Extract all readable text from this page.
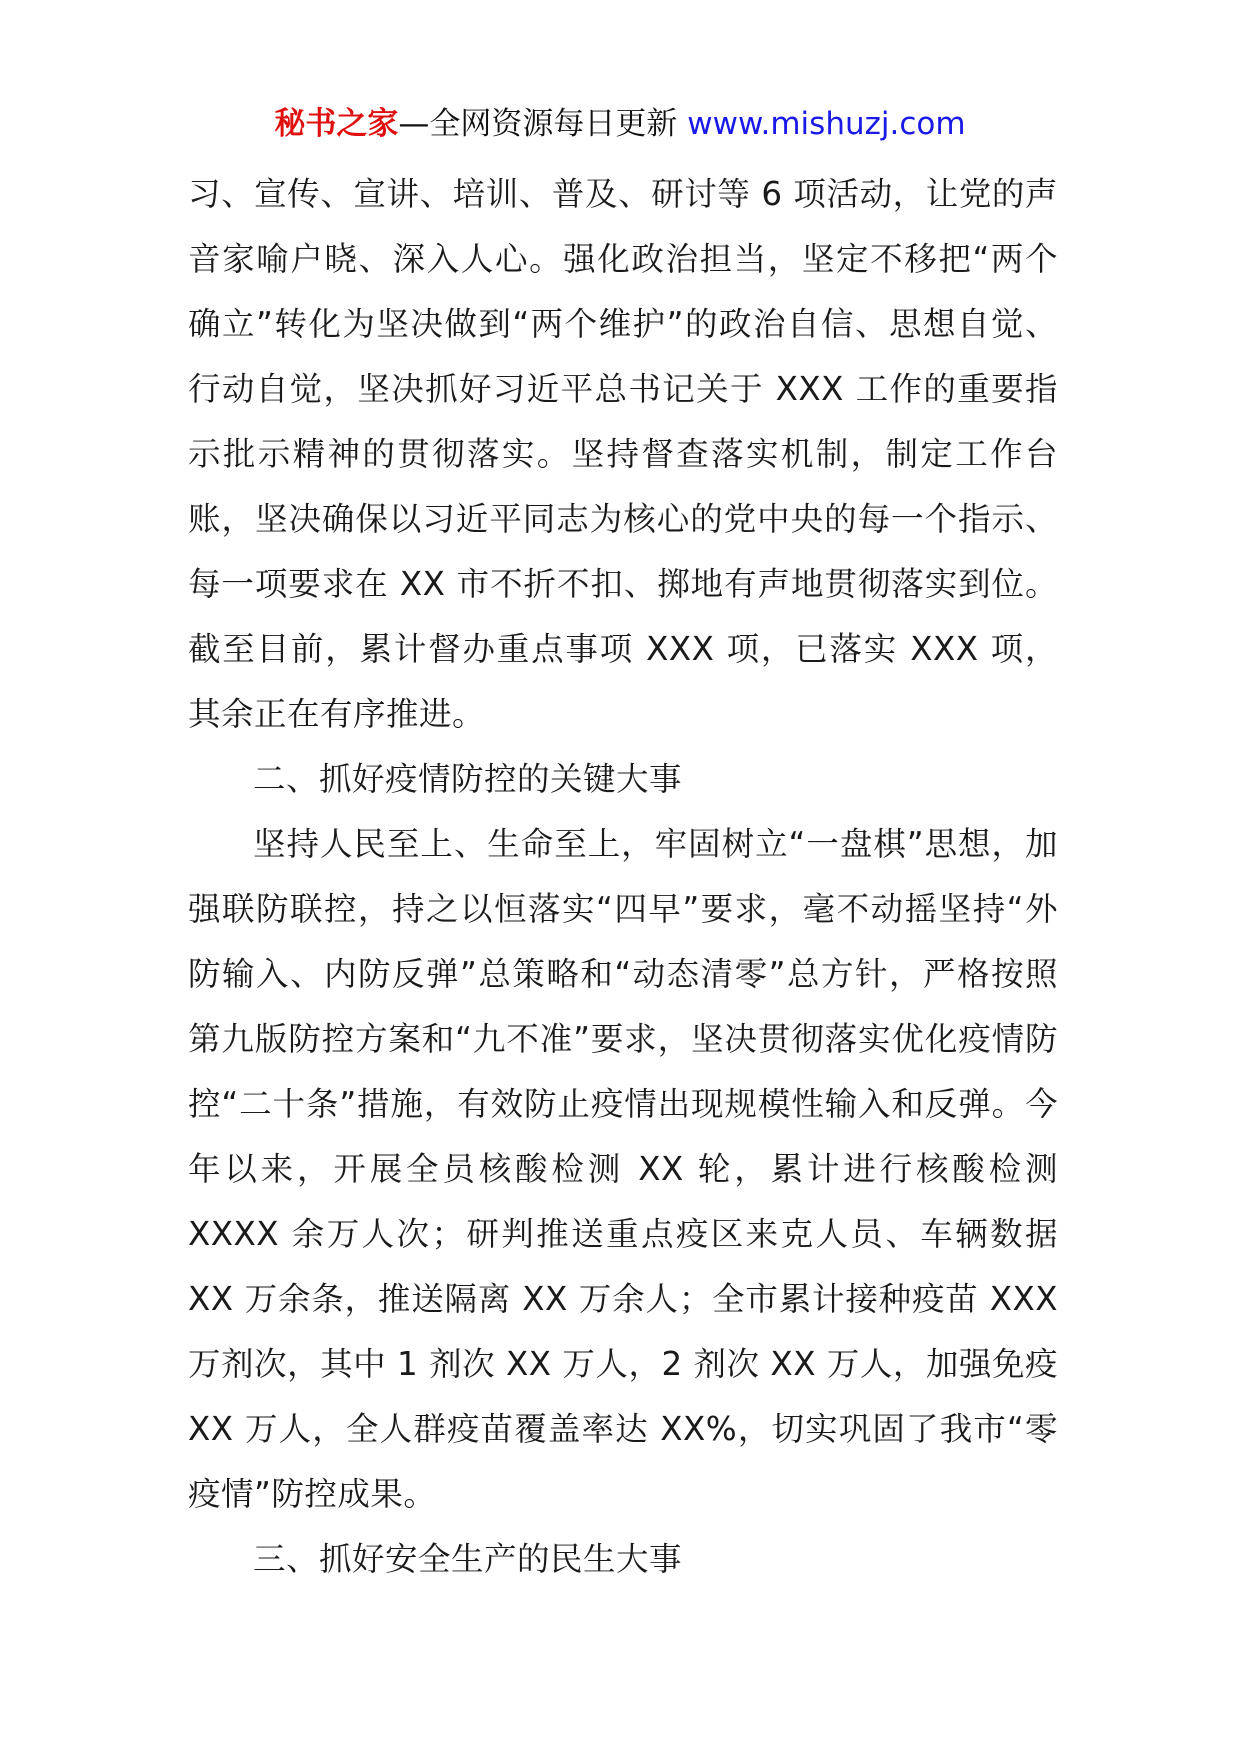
秘书之家—全网资源每日更新 www.mishuzj.com

习、宣传、宣讲、培训、普及、研讨等 6 项活动，让党的声音家喻户晓、深入人心。强化政治担当，坚定不移把“两个确立”转化为坚决做到“两个维护”的政治自信、思想自觉、行动自觉，坚决抓好习近平总书记关于 XXX 工作的重要指示批示精神的贯彻落实。坚持督查落实机制，制定工作台账，坚决确保以习近平同志为核心的党中央的每一个指示、每一项要求在 XX 市不折不扣、掷地有声地贯彻落实到位。截至目前，累计督办重点事项 XXX 项，已落实 XXX 项，其余正在有序推进。

二、抓好疫情防控的关键大事

坚持人民至上、生命至上，牢固树立“一盘棋”思想，加强联防联控，持之以恒落实“四早”要求，毫不动摇坚持“外防输入、内防反弹”总策略和“动态清零”总方针，严格按照第九版防控方案和“九不准”要求，坚决贯彻落实优化疫情防控“二十条”措施，有效防止疫情出现规模性输入和反弹。今年以来，开展全员核酸检测 XX 轮，累计进行核酸检测 XXXX 余万人次；研判推送重点疫区来克人员、车辆数据 XX 万余条，推送隔离 XX 万余人；全市累计接种疫苗 XXX 万剂次，其中 1 剂次 XX 万人，2 剂次 XX 万人，加强免疫 XX 万人，全人群疫苗覆盖率达 XX%，切实巩固了我市“零疫情”防控成果。

三、抓好安全生产的民生大事
